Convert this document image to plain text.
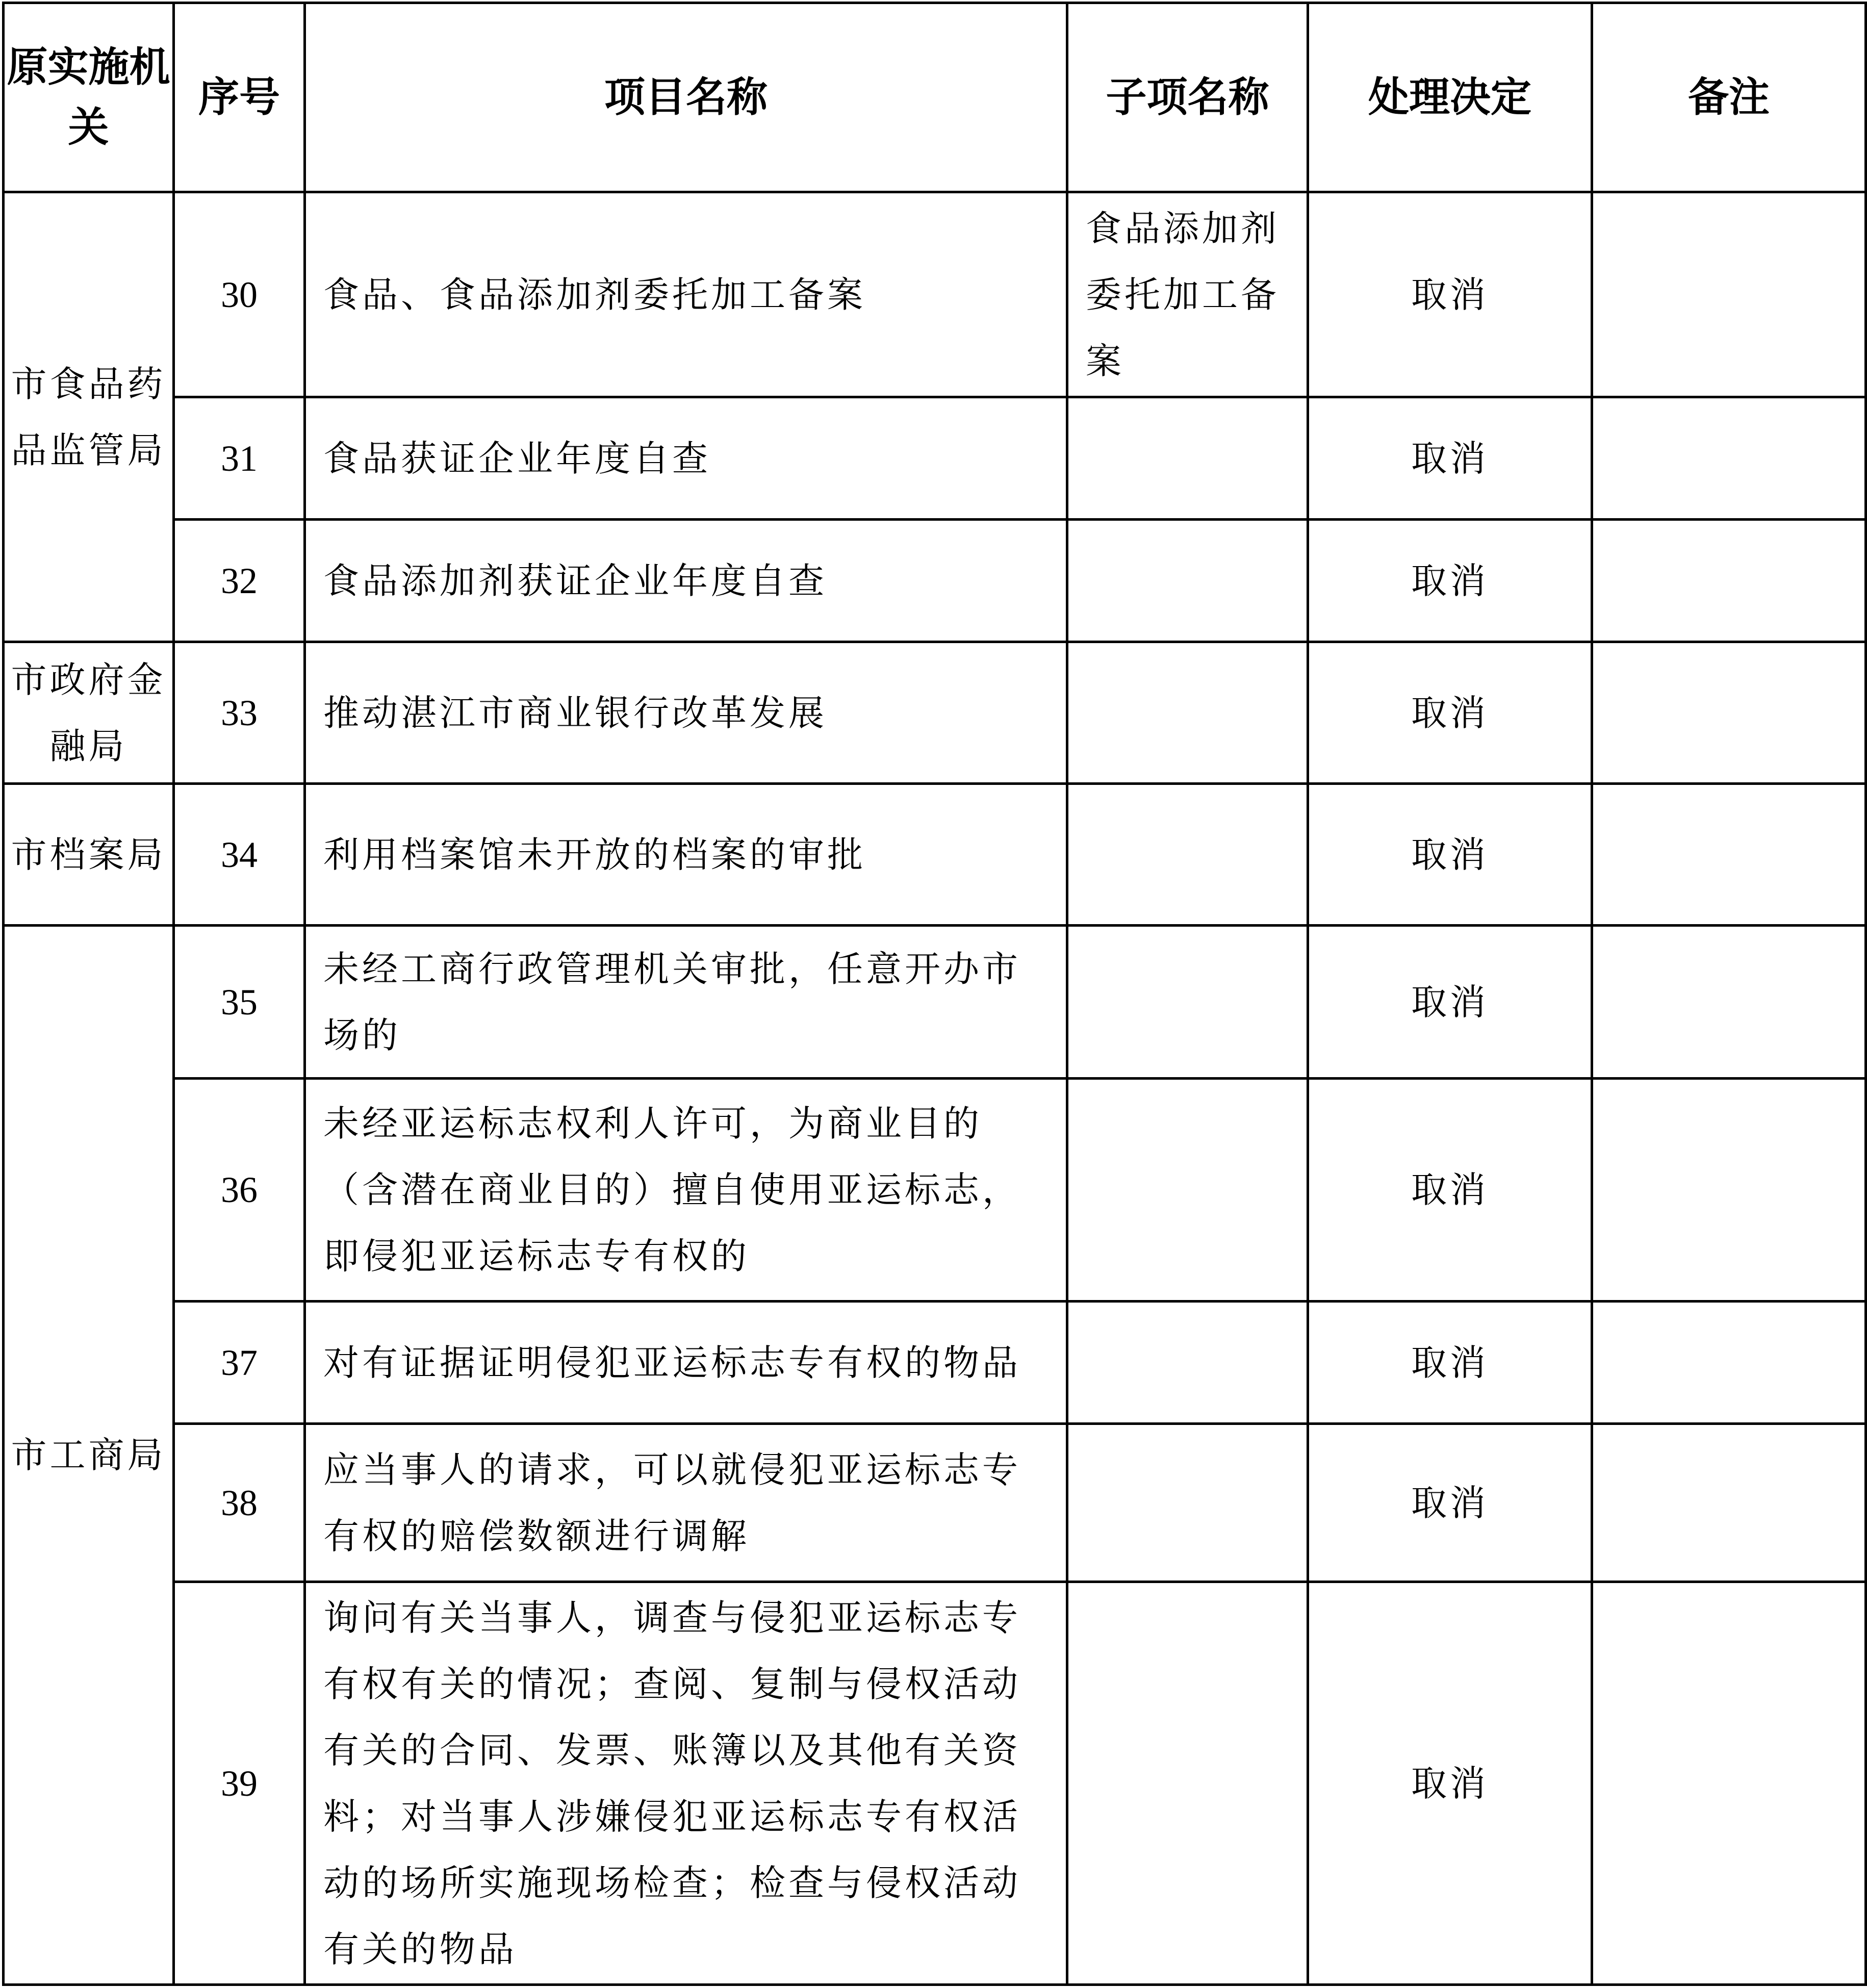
原实施机关	序号	项目名称	子项名称	处理决定	备注
市食品药品监管局	30	食品、食品添加剂委托加工备案	食品添加剂委托加工备案	取消	
	31	食品获证企业年度自查		取消	
	32	食品添加剂获证企业年度自查		取消	
市政府金融局	33	推动湛江市商业银行改革发展		取消	
市档案局	34	利用档案馆未开放的档案的审批		取消	
市工商局	35	未经工商行政管理机关审批，任意开办市场的		取消	
	36	未经亚运标志权利人许可，为商业目的（含潜在商业目的）擅自使用亚运标志，即侵犯亚运标志专有权的		取消	
	37	对有证据证明侵犯亚运标志专有权的物品		取消	
	38	应当事人的请求，可以就侵犯亚运标志专有权的赔偿数额进行调解		取消	
	39	询问有关当事人，调查与侵犯亚运标志专有权有关的情况；查阅、复制与侵权活动有关的合同、发票、账簿以及其他有关资料；对当事人涉嫌侵犯亚运标志专有权活动的场所实施现场检查；检查与侵权活动有关的物品		取消	
